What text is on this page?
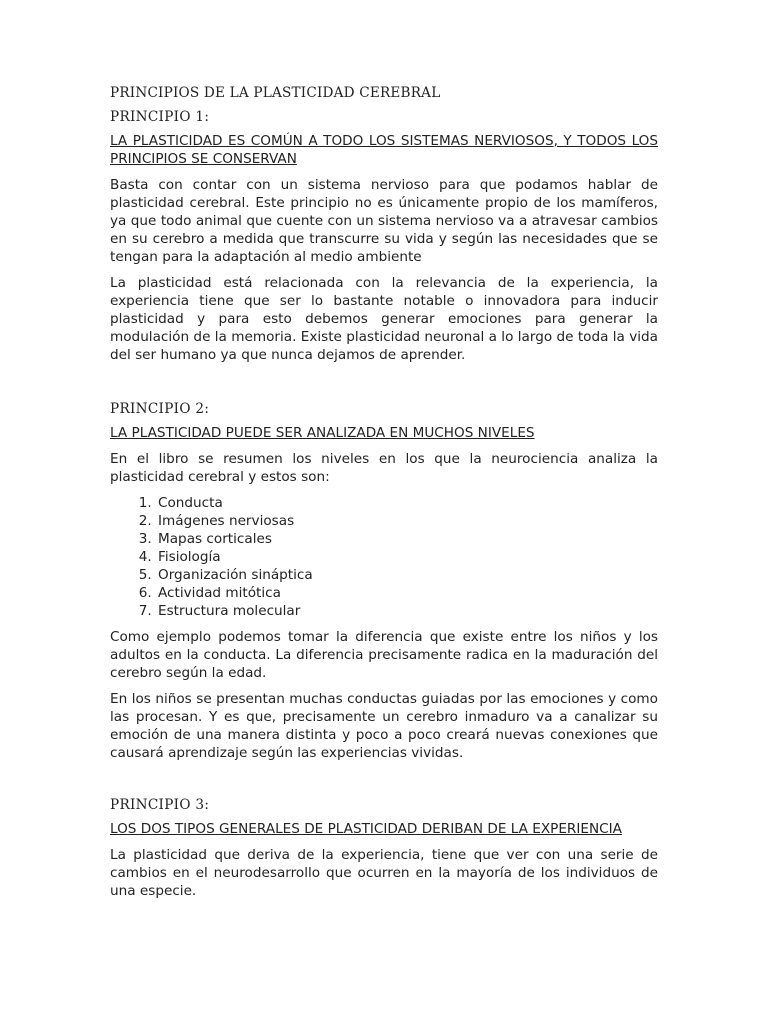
PRINCIPIOS DE LA PLASTICIDAD CEREBRAL
PRINCIPIO 1:
LA PLASTICIDAD ES COMÚN A TODO LOS SISTEMAS NERVIOSOS, Y TODOS LOS PRINCIPIOS SE CONSERVAN

Basta con contar con un sistema nervioso para que podamos hablar de plasticidad cerebral. Este principio no es únicamente propio de los mamíferos, ya que todo animal que cuente con un sistema nervioso va a atravesar cambios en su cerebro a medida que transcurre su vida y según las necesidades que se tengan para la adaptación al medio ambiente

La plasticidad está relacionada con la relevancia de la experiencia, la experiencia tiene que ser lo bastante notable o innovadora para inducir plasticidad y para esto debemos generar emociones para generar la modulación de la memoria. Existe plasticidad neuronal a lo largo de toda la vida del ser humano ya que nunca dejamos de aprender.

PRINCIPIO 2:
LA PLASTICIDAD PUEDE SER ANALIZADA EN MUCHOS NIVELES

En el libro se resumen los niveles en los que la neurociencia analiza la plasticidad cerebral y estos son:

1. Conducta
2. Imágenes nerviosas
3. Mapas corticales
4. Fisiología
5. Organización sináptica
6. Actividad mitótica
7. Estructura molecular

Como ejemplo podemos tomar la diferencia que existe entre los niños y los adultos en la conducta. La diferencia precisamente radica en la maduración del cerebro según la edad.

En los niños se presentan muchas conductas guiadas por las emociones y como las procesan. Y es que, precisamente un cerebro inmaduro va a canalizar su emoción de una manera distinta y poco a poco creará nuevas conexiones que causará aprendizaje según las experiencias vividas.

PRINCIPIO 3:
LOS DOS TIPOS GENERALES DE PLASTICIDAD DERIBAN DE LA EXPERIENCIA

La plasticidad que deriva de la experiencia, tiene que ver con una serie de cambios en el neurodesarrollo que ocurren en la mayoría de los individuos de una especie.
